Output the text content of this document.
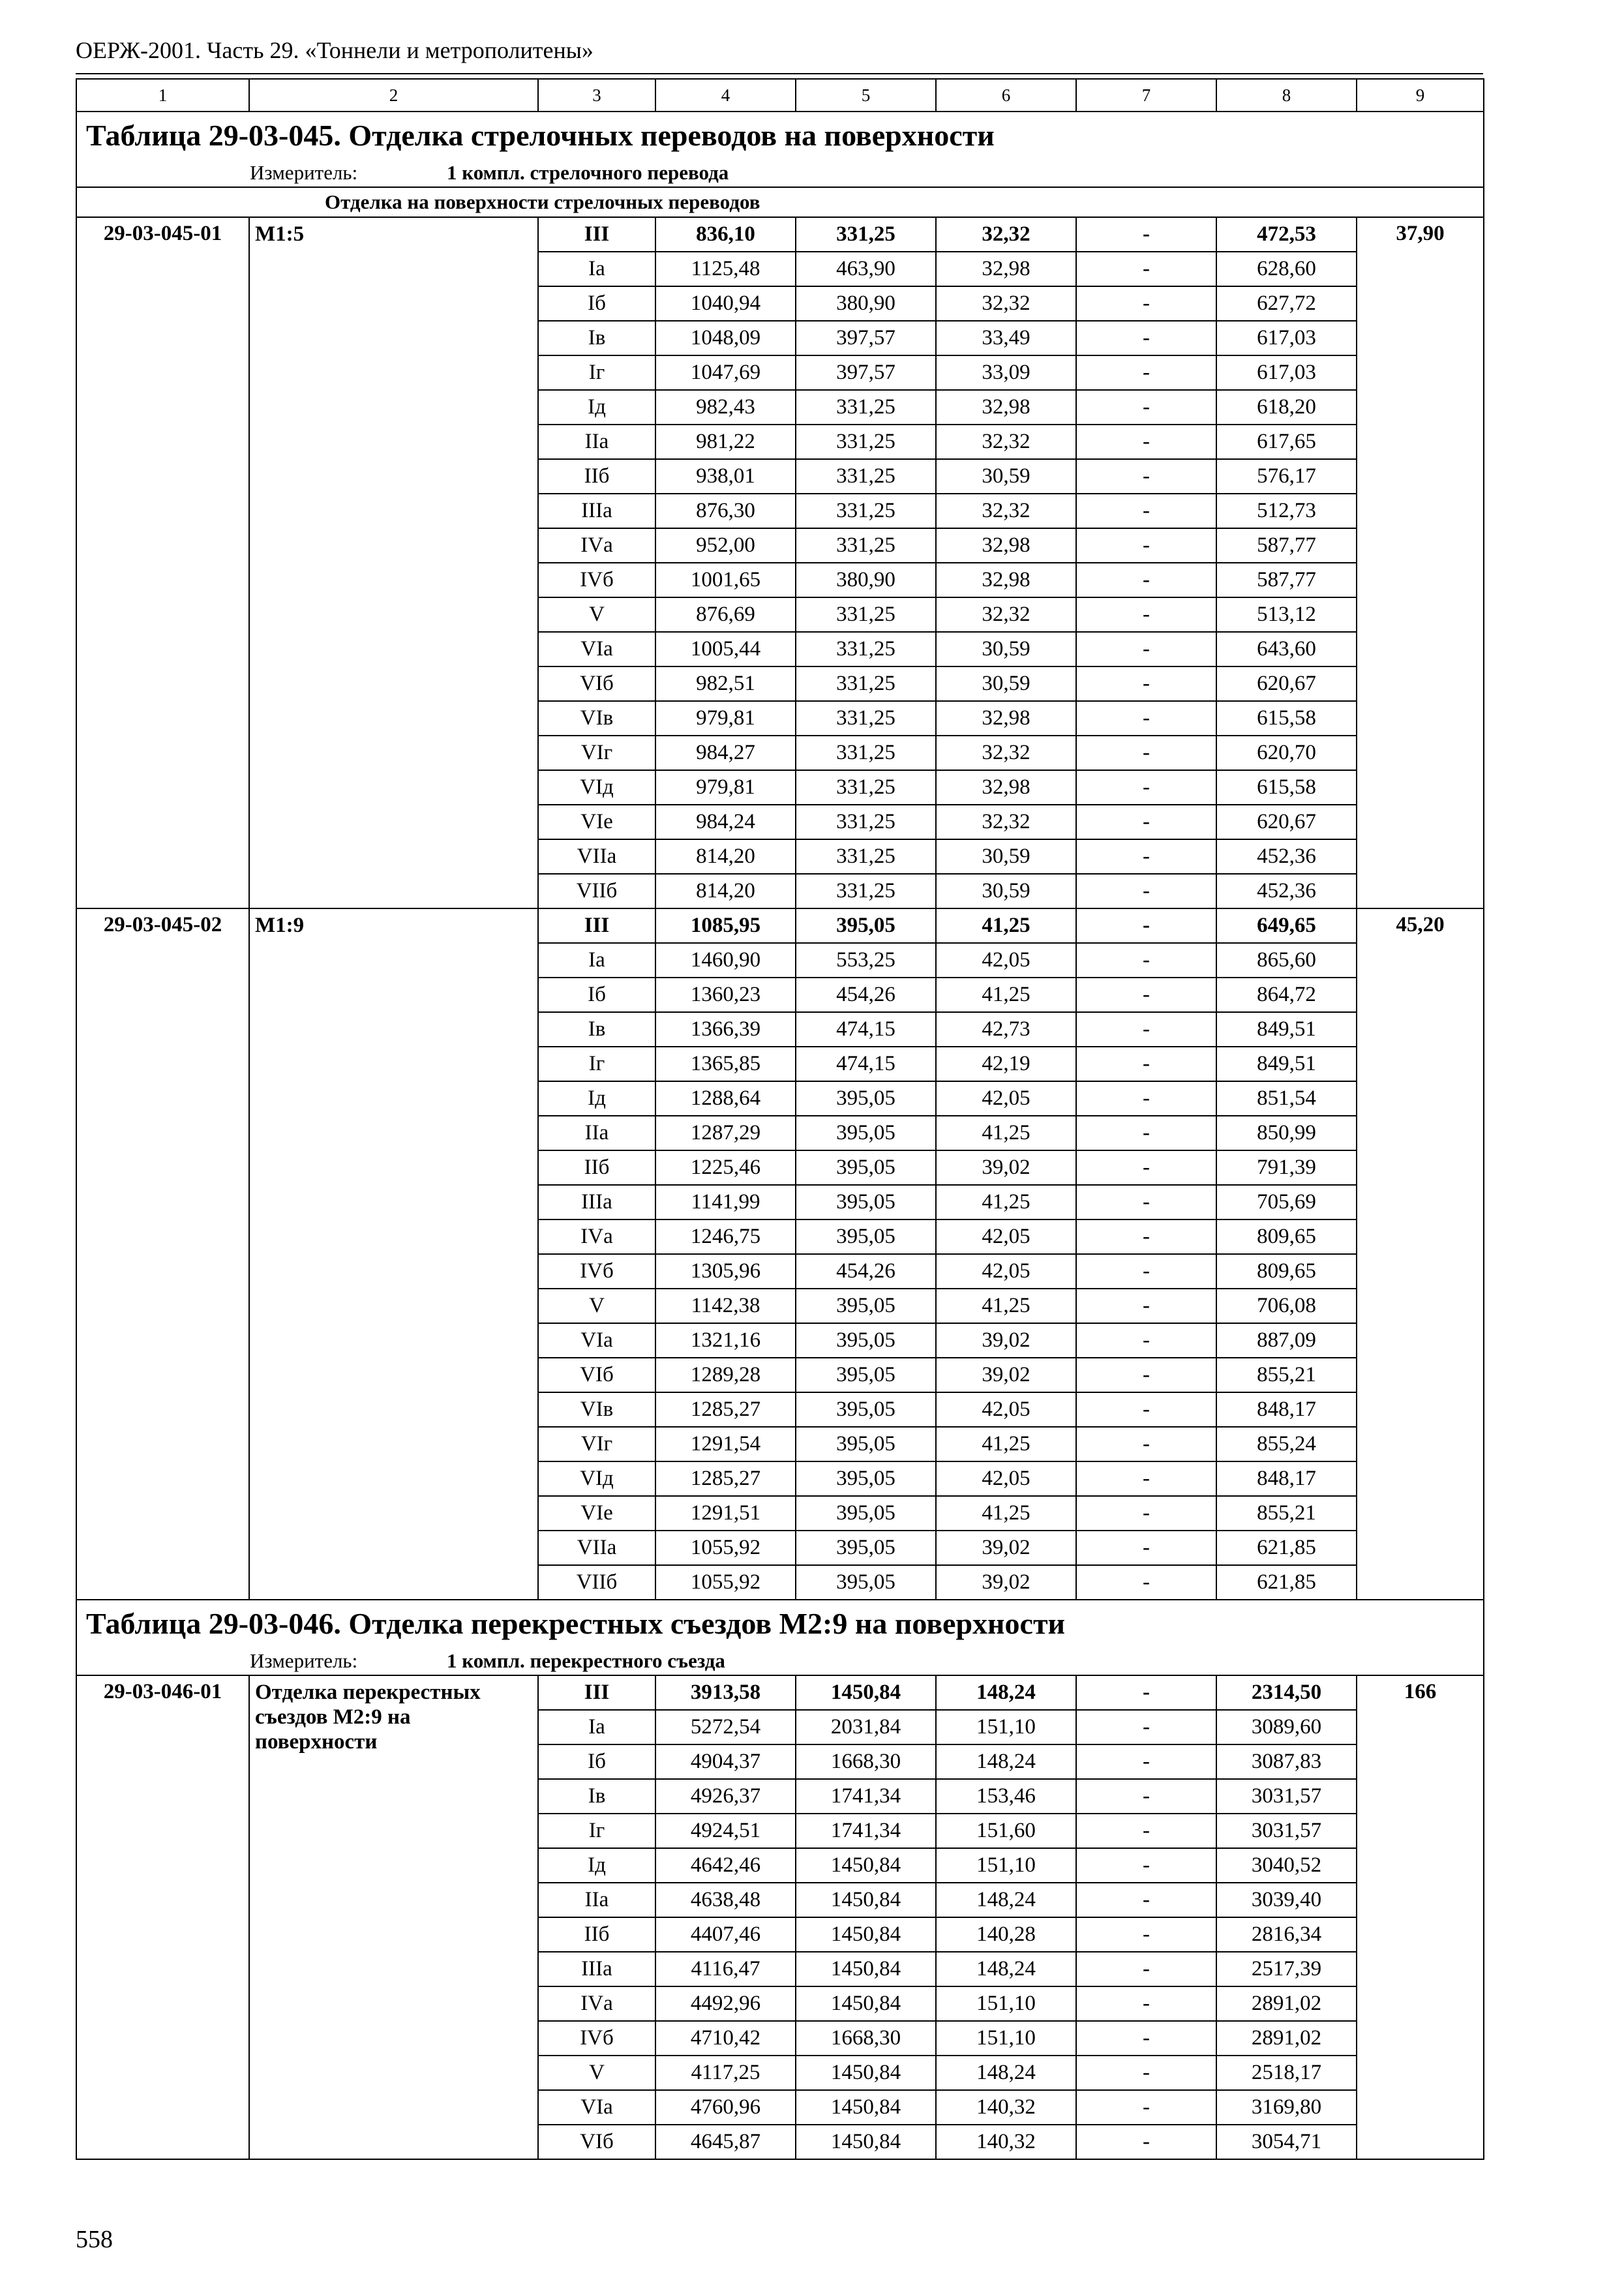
ОЕРЖ-2001. Часть 29. «Тоннели и метрополитены»
1	2	3	4	5	6	7	8	9
Таблица 29-03-045. Отделка стрелочных переводов на поверхности								
Измеритель: 1 компл. стрелочного перевода								
Отделка на поверхности стрелочных переводов								
29-03-045-01	М1:5	III	836,10	331,25	32,32	-	472,53	37,90
		Iа	1125,48	463,90	32,98	-	628,60	
		Iб	1040,94	380,90	32,32	-	627,72	
		Iв	1048,09	397,57	33,49	-	617,03	
		Iг	1047,69	397,57	33,09	-	617,03	
		Iд	982,43	331,25	32,98	-	618,20	
		IIа	981,22	331,25	32,32	-	617,65	
		IIб	938,01	331,25	30,59	-	576,17	
		IIIа	876,30	331,25	32,32	-	512,73	
		IVа	952,00	331,25	32,98	-	587,77	
		IVб	1001,65	380,90	32,98	-	587,77	
		V	876,69	331,25	32,32	-	513,12	
		VIа	1005,44	331,25	30,59	-	643,60	
		VIб	982,51	331,25	30,59	-	620,67	
		VIв	979,81	331,25	32,98	-	615,58	
		VIг	984,27	331,25	32,32	-	620,70	
		VIд	979,81	331,25	32,98	-	615,58	
		VIе	984,24	331,25	32,32	-	620,67	
		VIIа	814,20	331,25	30,59	-	452,36	
		VIIб	814,20	331,25	30,59	-	452,36	
29-03-045-02	М1:9	III	1085,95	395,05	41,25	-	649,65	45,20
		Iа	1460,90	553,25	42,05	-	865,60	
		Iб	1360,23	454,26	41,25	-	864,72	
		Iв	1366,39	474,15	42,73	-	849,51	
		Iг	1365,85	474,15	42,19	-	849,51	
		Iд	1288,64	395,05	42,05	-	851,54	
		IIа	1287,29	395,05	41,25	-	850,99	
		IIб	1225,46	395,05	39,02	-	791,39	
		IIIа	1141,99	395,05	41,25	-	705,69	
		IVа	1246,75	395,05	42,05	-	809,65	
		IVб	1305,96	454,26	42,05	-	809,65	
		V	1142,38	395,05	41,25	-	706,08	
		VIа	1321,16	395,05	39,02	-	887,09	
		VIб	1289,28	395,05	39,02	-	855,21	
		VIв	1285,27	395,05	42,05	-	848,17	
		VIг	1291,54	395,05	41,25	-	855,24	
		VIд	1285,27	395,05	42,05	-	848,17	
		VIе	1291,51	395,05	41,25	-	855,21	
		VIIа	1055,92	395,05	39,02	-	621,85	
		VIIб	1055,92	395,05	39,02	-	621,85	
Таблица 29-03-046. Отделка перекрестных съездов М2:9 на поверхности								
Измеритель: 1 компл. перекрестного съезда								
29-03-046-01	Отделка перекрестных съездов М2:9 на поверхности	III	3913,58	1450,84	148,24	-	2314,50	166
		Iа	5272,54	2031,84	151,10	-	3089,60	
		Iб	4904,37	1668,30	148,24	-	3087,83	
		Iв	4926,37	1741,34	153,46	-	3031,57	
		Iг	4924,51	1741,34	151,60	-	3031,57	
		Iд	4642,46	1450,84	151,10	-	3040,52	
		IIа	4638,48	1450,84	148,24	-	3039,40	
		IIб	4407,46	1450,84	140,28	-	2816,34	
		IIIа	4116,47	1450,84	148,24	-	2517,39	
		IVа	4492,96	1450,84	151,10	-	2891,02	
		IVб	4710,42	1668,30	151,10	-	2891,02	
		V	4117,25	1450,84	148,24	-	2518,17	
		VIа	4760,96	1450,84	140,32	-	3169,80	
		VIб	4645,87	1450,84	140,32	-	3054,71	
558
